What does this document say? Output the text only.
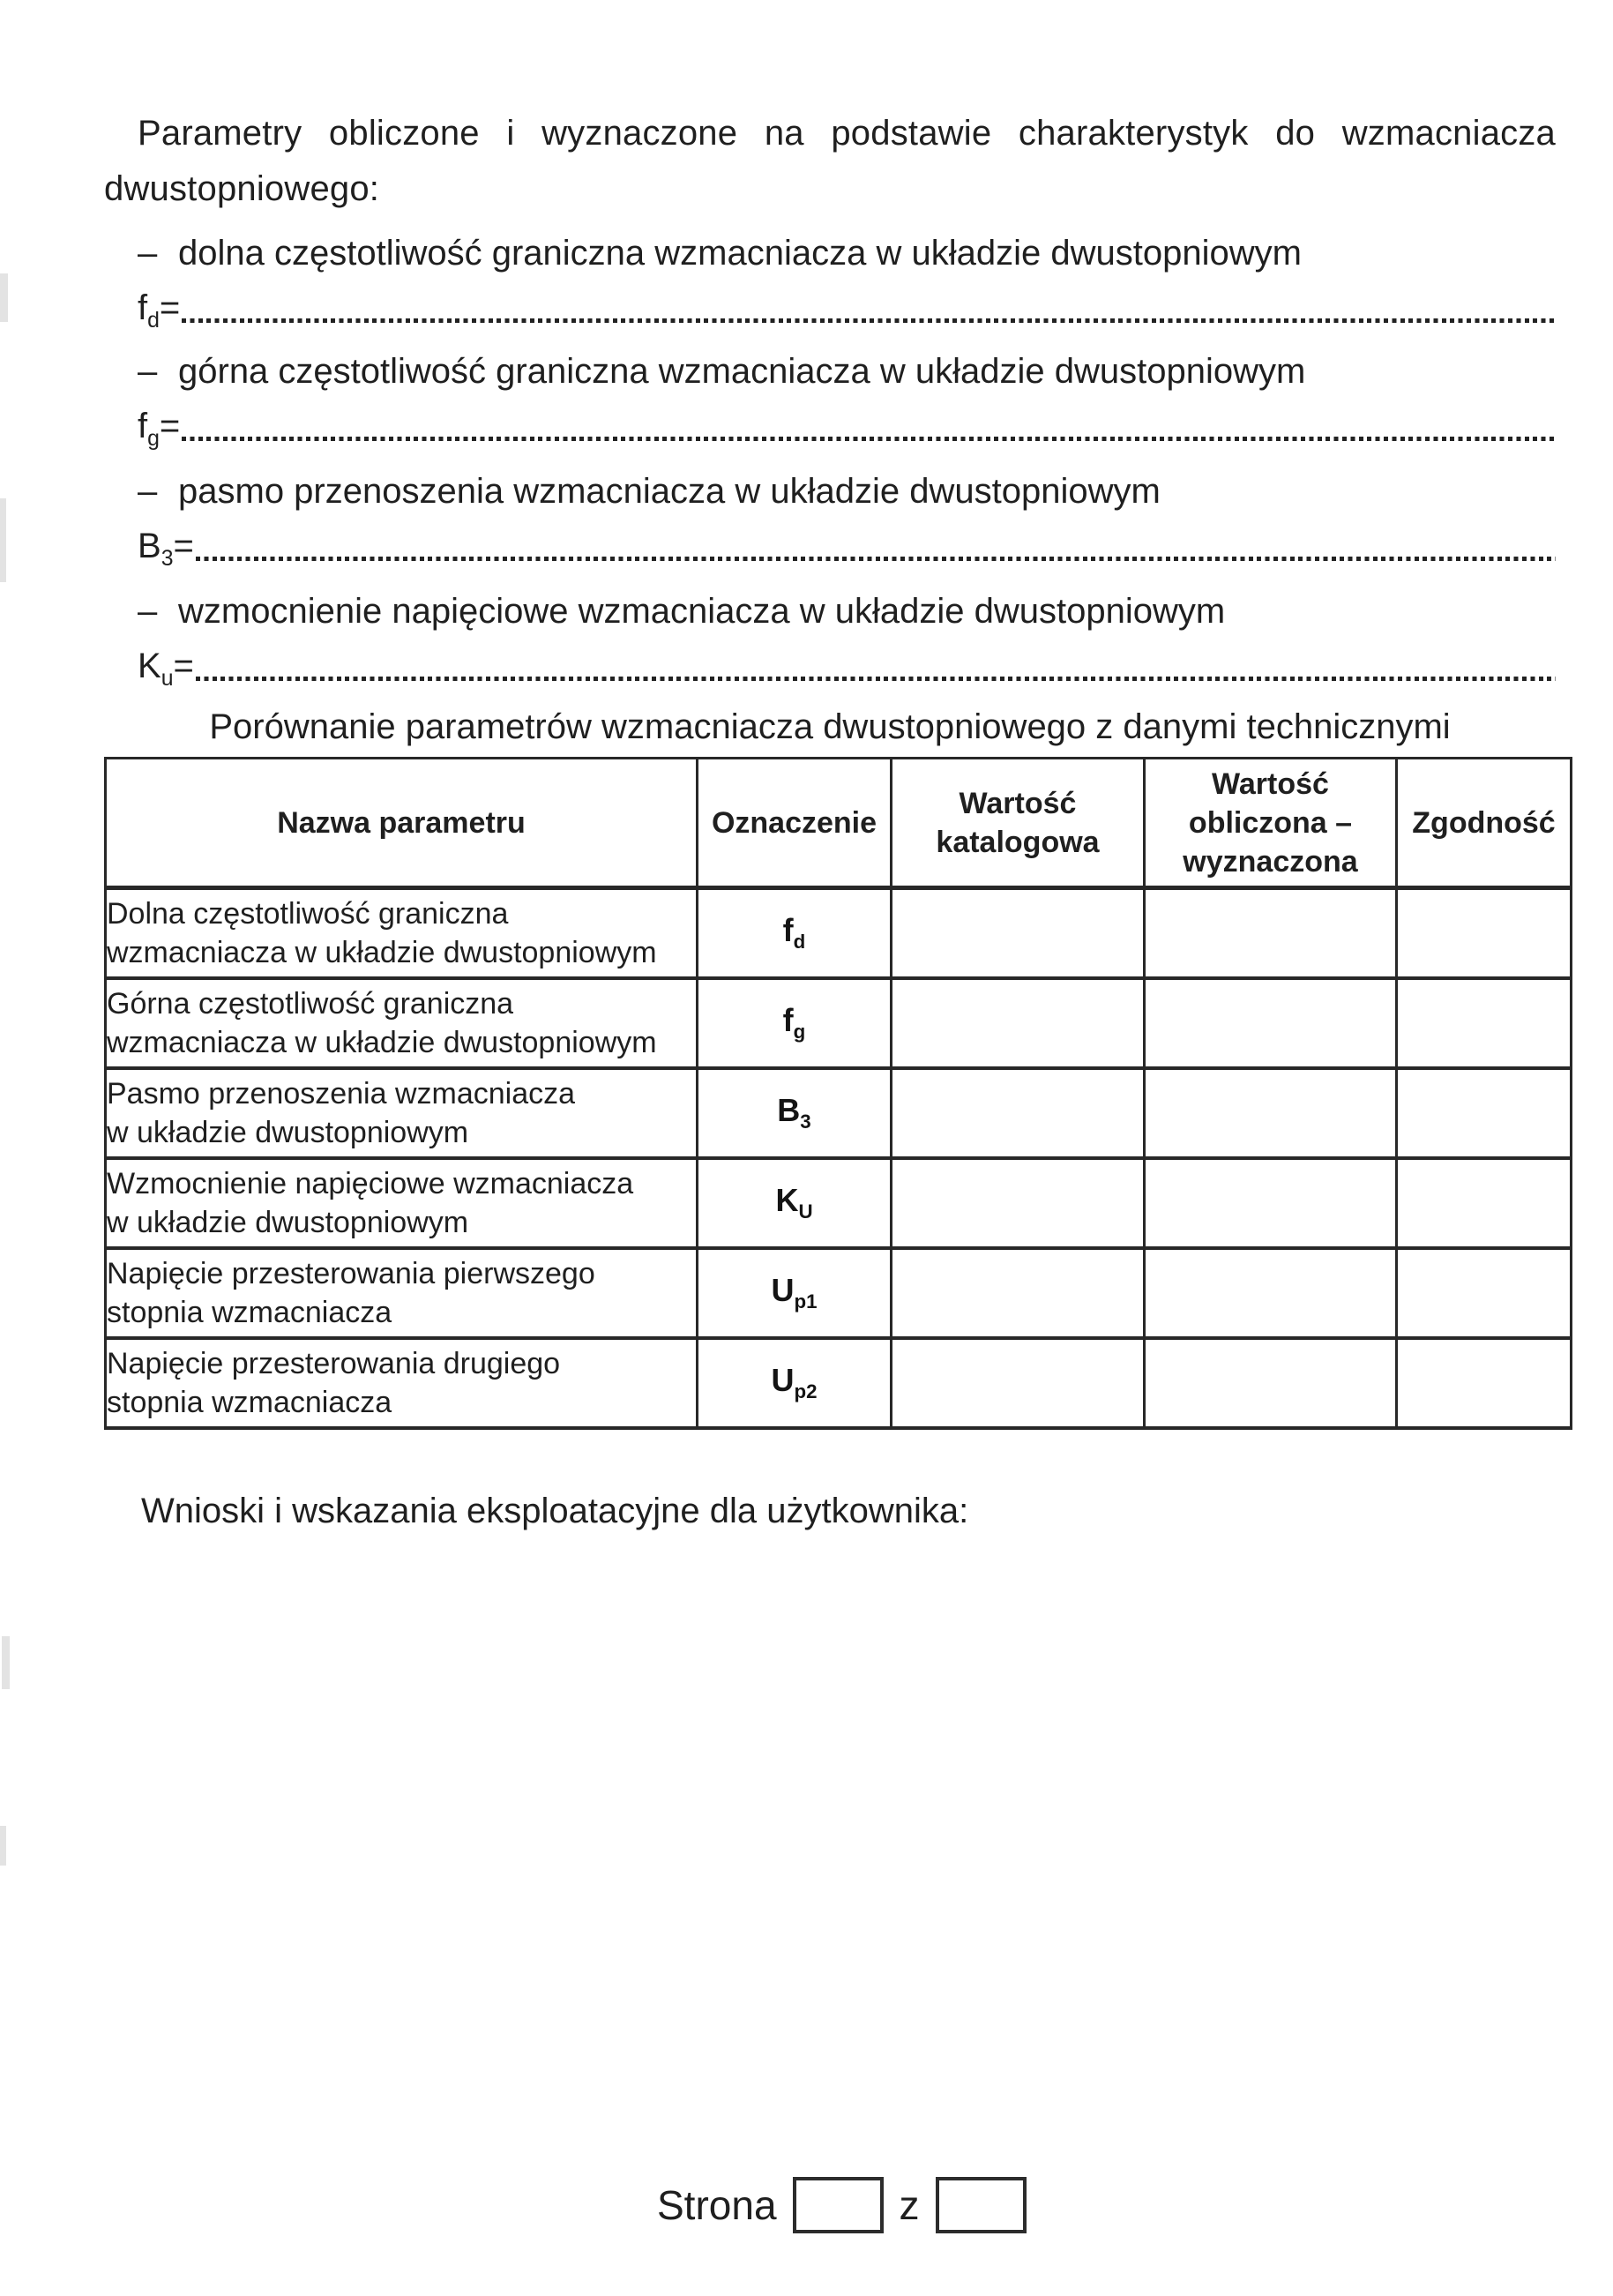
Parametry obliczone i wyznaczone na podstawie charakterystyk do wzmacniacza dwustopniowego:
– dolna częstotliwość graniczna wzmacniacza w układzie dwustopniowym
$f_d=$
– górna częstotliwość graniczna wzmacniacza w układzie dwustopniowym
$f_g=$
– pasmo przenoszenia wzmacniacza w układzie dwustopniowym
$B_3=$
– wzmocnienie napięciowe wzmacniacza w układzie dwustopniowym
$K_u=$
Porównanie parametrów wzmacniacza dwustopniowego z danymi technicznymi
Nazwa parametru	Oznaczenie	Wartość katalogowa	Wartość obliczona – wyznaczona	Zgodność

Dolna częstotliwość graniczna
wzmacniacza w układzie dwustopniowym	$f_d$			

Górna częstotliwość graniczna
wzmacniacza w układzie dwustopniowym	$f_g$			

Pasmo przenoszenia wzmacniacza
w układzie dwustopniowym	$B_3$			

Wzmocnienie napięciowe wzmacniacza
w układzie dwustopniowym	$K_U$			

Napięcie przesterowania pierwszego
stopnia wzmacniacza	$U_{p1}$			

Napięcie przesterowania drugiego
stopnia wzmacniacza	$U_{p2}$			
Wnioski i wskazania eksploatacyjne dla użytkownika:
Strona	z
